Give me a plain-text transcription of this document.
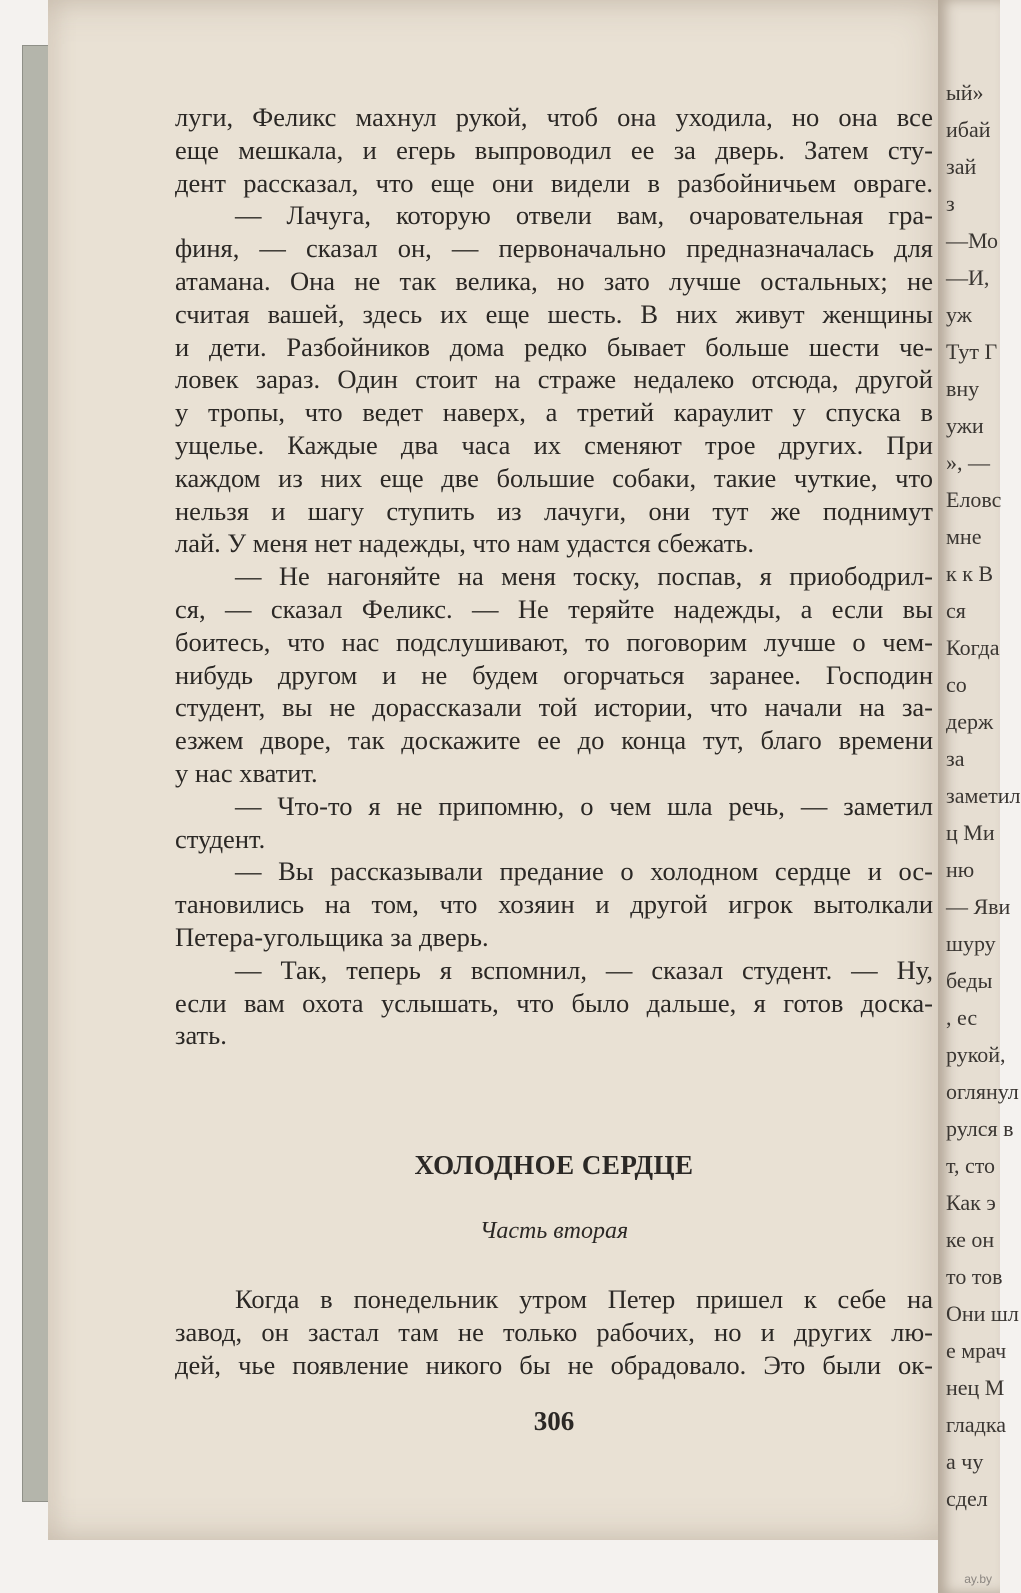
ый»
ибай
зай
з
—Мо
—И,
уж
Тут Г
вну
ужи
», —
Еловс
мне
к к В
ся
Когда
со
держ
за
заметил
ц Ми
ню
— Яви
шуру
беды
, ес
рукой,
оглянул
рулся в
т, сто
Как э
ке он
то тов
Они шл
е мрач
нец М
гладка
а чу
сдел
луги, Феликс махнул рукой, чтоб она уходила, но она все
еще мешкала, и егерь выпроводил ее за дверь. Затем сту-
дент рассказал, что еще они видели в разбойничьем овраге.
— Лачуга, которую отвели вам, очаровательная гра-
финя, — сказал он, — первоначально предназначалась для
атамана. Она не так велика, но зато лучше остальных; не
считая вашей, здесь их еще шесть. В них живут женщины
и дети. Разбойников дома редко бывает больше шести че-
ловек зараз. Один стоит на страже недалеко отсюда, другой
у тропы, что ведет наверх, а третий караулит у спуска в
ущелье. Каждые два часа их сменяют трое других. При
каждом из них еще две большие собаки, такие чуткие, что
нельзя и шагу ступить из лачуги, они тут же поднимут
лай. У меня нет надежды, что нам удастся сбежать.
— Не нагоняйте на меня тоску, поспав, я приободрил-
ся, — сказал Феликс. — Не теряйте надежды, а если вы
боитесь, что нас подслушивают, то поговорим лучше о чем-
нибудь другом и не будем огорчаться заранее. Господин
студент, вы не дорассказали той истории, что начали на за-
езжем дворе, так доскажите ее до конца тут, благо времени
у нас хватит.
— Что-то я не припомню, о чем шла речь, — заметил
студент.
— Вы рассказывали предание о холодном сердце и ос-
тановились на том, что хозяин и другой игрок вытолкали
Петера-угольщика за дверь.
— Так, теперь я вспомнил, — сказал студент. — Ну,
если вам охота услышать, что было дальше, я готов доска-
зать.
ХОЛОДНОЕ СЕРДЦЕ
Часть вторая
Когда в понедельник утром Петер пришел к себе на
завод, он застал там не только рабочих, но и других лю-
дей, чье появление никого бы не обрадовало. Это были ок-
306
ay.by
